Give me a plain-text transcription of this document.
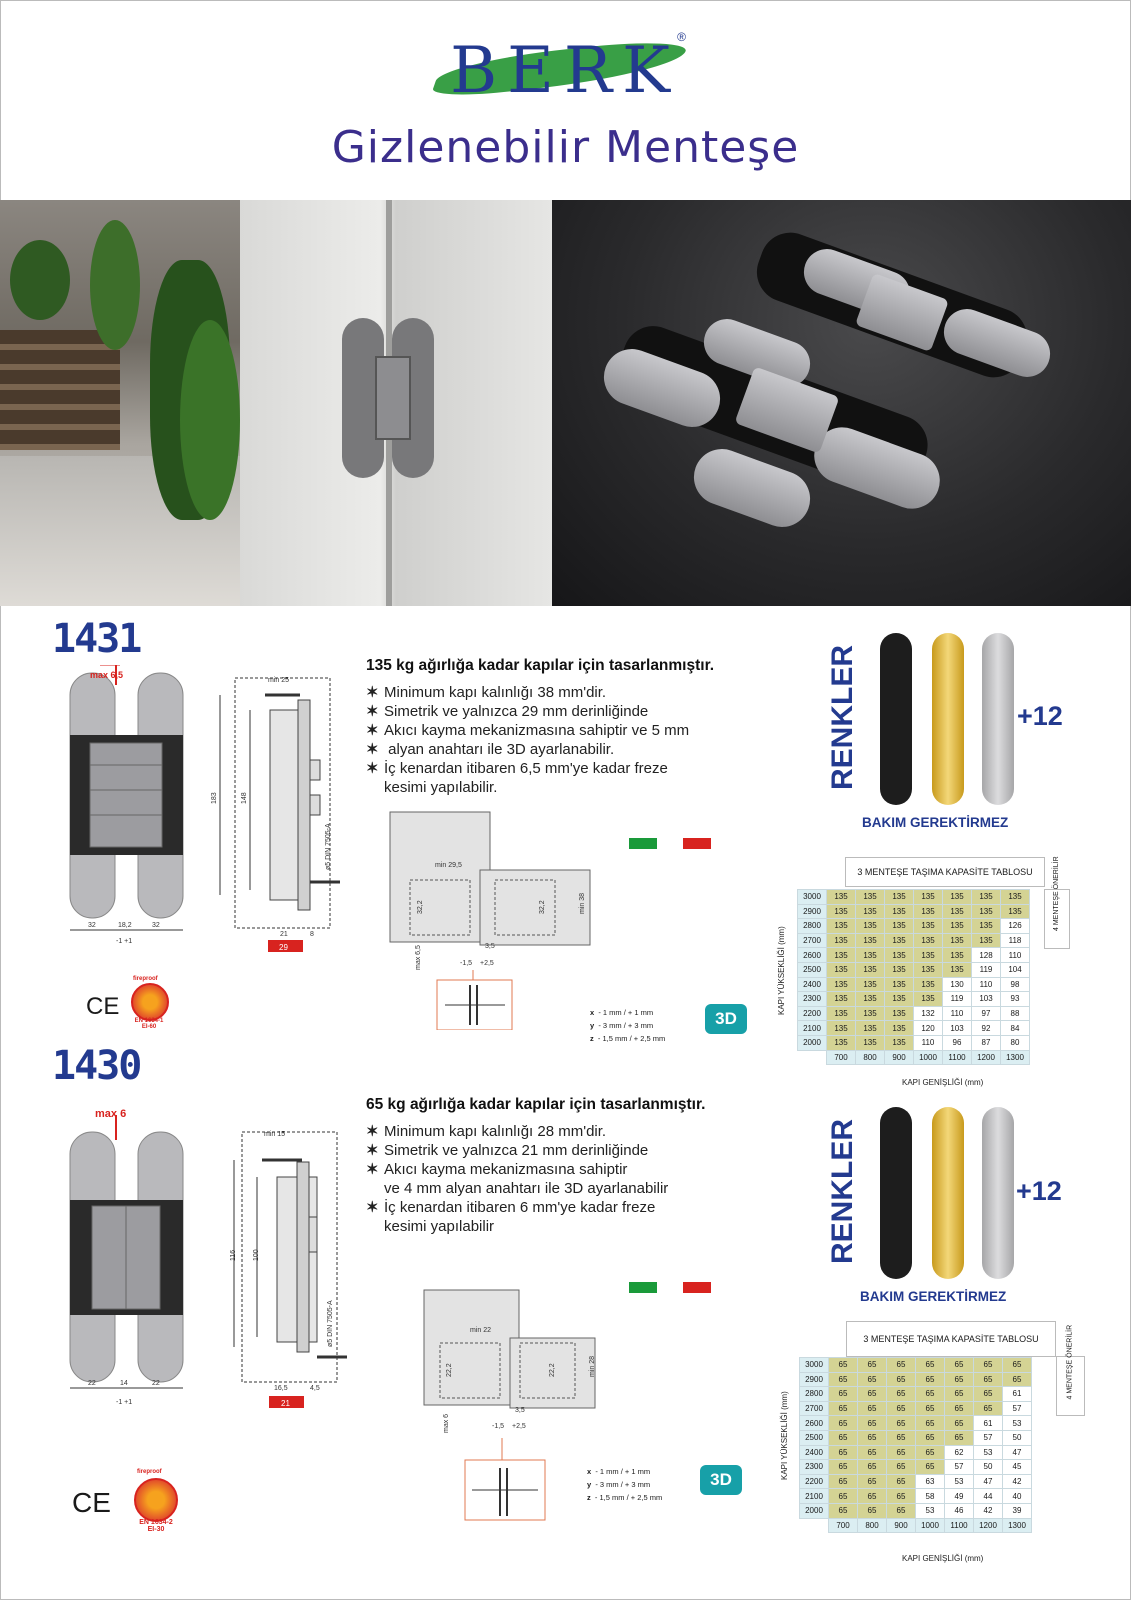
BERK
®
Gizlenebilir Menteşe
1431
32	18,2	32
-1 +1
max 6,5
183	148
min 25
21	8
ø5 DIN 7505-A
29
135 kg ağırlığa kadar kapılar için tasarlanmıştır.
✶ Minimum kapı kalınlığı 38 mm'dir.
✶ Simetrik ve yalnızca 29 mm derinliğinde
✶ Akıcı kayma mekanizmasına sahiptir ve 5 mm
✶ alyan anahtarı ile 3D ayarlanabilir.
✶ İç kenardan itibaren 6,5 mm'ye kadar freze
kesimi yapılabilir.
min 29,5
32,2	32,2	min 38
max 6,5	3,5
-1,5 +2,5
x - 1 mm / + 1 mm
y - 3 mm / + 3 mm
z - 1,5 mm / + 2,5 mm
3D
CE
fireproof
EN 1634-1
EI-60
RENKLER	+12
BAKIM GEREKTİRMEZ
3 MENTEŞE TAŞIMA KAPASİTE TABLOSU
KAPI YÜKSEKLİĞİ (mm)
4 MENTEŞE ÖNERİLİR
3000	135	135	135	135	135	135	135
2900	135	135	135	135	135	135	135
2800	135	135	135	135	135	135	126
2700	135	135	135	135	135	135	118
2600	135	135	135	135	135	128	110
2500	135	135	135	135	135	119	104
2400	135	135	135	135	130	110	98
2300	135	135	135	135	119	103	93
2200	135	135	135	132	110	97	88
2100	135	135	135	120	103	92	84
2000	135	135	135	110	96	87	80
	700	800	900	1000	1100	1200	1300
KAPI GENİŞLİĞİ (mm)
1430
22	14	22
-1 +1
max 6
116 100
min 15
16,5	4,5
ø5 DIN 7505-A
21
65 kg ağırlığa kadar kapılar için tasarlanmıştır.
✶ Minimum kapı kalınlığı 28 mm'dir.
✶ Simetrik ve yalnızca 21 mm derinliğinde
✶ Akıcı kayma mekanizmasına sahiptir
ve 4 mm alyan anahtarı ile 3D ayarlanabilir
✶ İç kenardan itibaren 6 mm'ye kadar freze
kesimi yapılabilir
min 22
22,2	22,2	min 28
max 6
3,5
-1,5 +2,5
x - 1 mm / + 1 mm
y - 3 mm / + 3 mm
z - 1,5 mm / + 2,5 mm
3D
CE
fireproof
EN 1634-2
EI-30
RENKLER	+12
BAKIM GEREKTİRMEZ
3 MENTEŞE TAŞIMA KAPASİTE TABLOSU
KAPI YÜKSEKLİĞİ (mm)
4 MENTEŞE ÖNERİLİR
3000	65	65	65	65	65	65	65
2900	65	65	65	65	65	65	65
2800	65	65	65	65	65	65	61
2700	65	65	65	65	65	65	57
2600	65	65	65	65	65	61	53
2500	65	65	65	65	65	57	50
2400	65	65	65	65	62	53	47
2300	65	65	65	65	57	50	45
2200	65	65	65	63	53	47	42
2100	65	65	65	58	49	44	40
2000	65	65	65	53	46	42	39
	700	800	900	1000	1100	1200	1300
KAPI GENİŞLİĞİ (mm)
